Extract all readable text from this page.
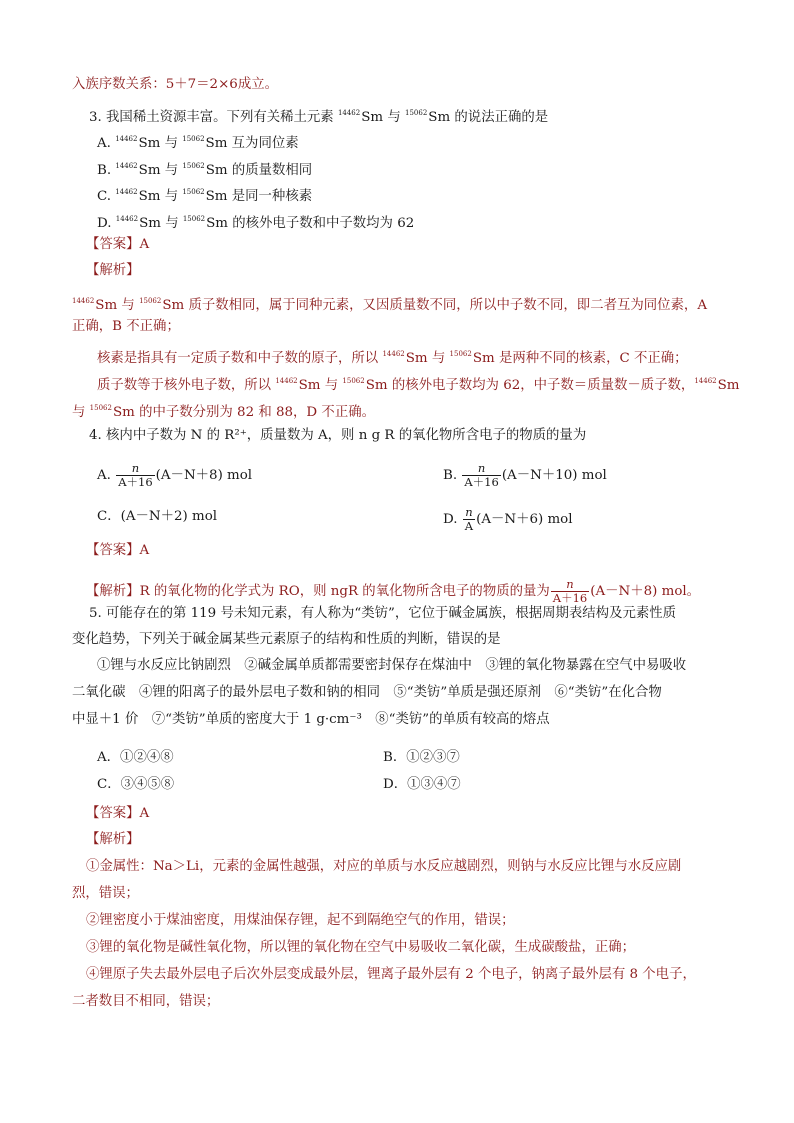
入族序数关系：5＋7＝2×6成立。
3. 我国稀土资源丰富。下列有关稀土元素 $^{14462}$Sm 与 $^{15062}$Sm 的说法正确的是
A. $^{14462}$Sm 与 $^{15062}$Sm 互为同位素
B. $^{14462}$Sm 与 $^{15062}$Sm 的质量数相同
C. $^{14462}$Sm 与 $^{15062}$Sm 是同一种核素
D. $^{14462}$Sm 与 $^{15062}$Sm 的核外电子数和中子数均为 62
【答案】A
【解析】
$^{14462}$Sm 与 $^{15062}$Sm 质子数相同，属于同种元素，又因质量数不同，所以中子数不同，即二者互为同位素，A
正确，B 不正确；
核素是指具有一定质子数和中子数的原子，所以 $^{14462}$Sm 与 $^{15062}$Sm 是两种不同的核素，C 不正确；
质子数等于核外电子数，所以 $^{14462}$Sm 与 $^{15062}$Sm 的核外电子数均为 62，中子数＝质量数－质子数，$^{14462}$Sm
与 $^{15062}$Sm 的中子数分别为 82 和 88，D 不正确。
4. 核内中子数为 N 的 R²⁺，质量数为 A，则 n g R 的氧化物所含电子的物质的量为
【答案】A
5. 可能存在的第 119 号未知元素，有人称为“类钫”，它位于碱金属族，根据周期表结构及元素性质
变化趋势，下列关于碱金属某些元素原子的结构和性质的判断，错误的是
①锂与水反应比钠剧烈　②碱金属单质都需要密封保存在煤油中　③锂的氧化物暴露在空气中易吸收
二氧化碳　④锂的阳离子的最外层电子数和钠的相同　⑤“类钫”单质是强还原剂　⑥“类钫”在化合物
中显＋1 价　⑦“类钫”单质的密度大于 1 g·cm⁻³　⑧“类钫”的单质有较高的熔点
A．①②④⑧	B．①②③⑦
C．③④⑤⑧	D．①③④⑦
【答案】A
【解析】
①金属性：Na＞Li，元素的金属性越强，对应的单质与水反应越剧烈，则钠与水反应比锂与水反应剧
烈，错误；
②锂密度小于煤油密度，用煤油保存锂，起不到隔绝空气的作用，错误；
③锂的氧化物是碱性氧化物，所以锂的氧化物在空气中易吸收二氧化碳，生成碳酸盐，正确；
④锂原子失去最外层电子后次外层变成最外层，锂离子最外层有 2 个电子，钠离子最外层有 8 个电子，
二者数目不相同，错误；
A. $\frac{n}{A+16} (A-N+8)$ mol	B. $\frac{n}{A+16} (A-N+10)$ mol
C．(A－N＋2) mol	D. $\frac{n}{A} (A-N+6)$ mol
【解析】R 的氧化物的化学式为 RO，则 ngR 的氧化物所含电子的物质的量为 $\frac{n}{A+16} (A-N+8)$ mol。
